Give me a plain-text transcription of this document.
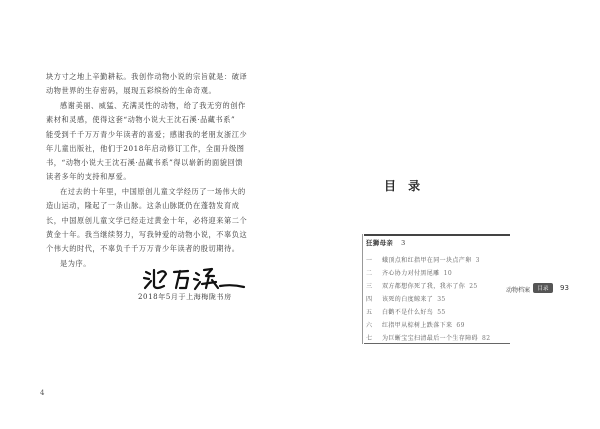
块方寸之地上辛勤耕耘。我创作动物小说的宗旨就是：破译
动物世界的生存密码，展现五彩缤纷的生命奇观。
感谢美丽、威猛、充满灵性的动物，给了我无穷的创作
素材和灵感，使得这套“动物小说大王沈石溪·品藏书系”
能受到千千万万青少年读者的喜爱；感谢我的老朋友浙江少
年儿童出版社，他们于2018年启动修订工作，全面升级图
书，“动物小说大王沈石溪·品藏书系”得以崭新的面貌回馈
读者多年的支持和厚爱。
在过去的十年里，中国原创儿童文学经历了一场伟大的
造山运动，隆起了一条山脉。这条山脉既仍在蓬勃发育成
长，中国原创儿童文学已经走过黄金十年，必将迎来第二个
黄金十年。我当继续努力，写我钟爱的动物小说，不辜负这
个伟大的时代，不辜负千千万万青少年读者的殷切期待。
是为序。
2018年5月于上海梅陇书房
4
目 录
狂狮母亲 3
一 蛾顶点和红指甲在同一块点产卵 3
二 齐心协力对付黑尾雕 10
三 双方都想你死了我，我亦了你 25
四 该死的白度鲸来了 35
五 白鹳不是什么好鸟 55
六 红指甲从棕树上跌落下来 69
七 为巨蜥宝宝扫清最后一个生存障碍 82
动物档案	目录	93
